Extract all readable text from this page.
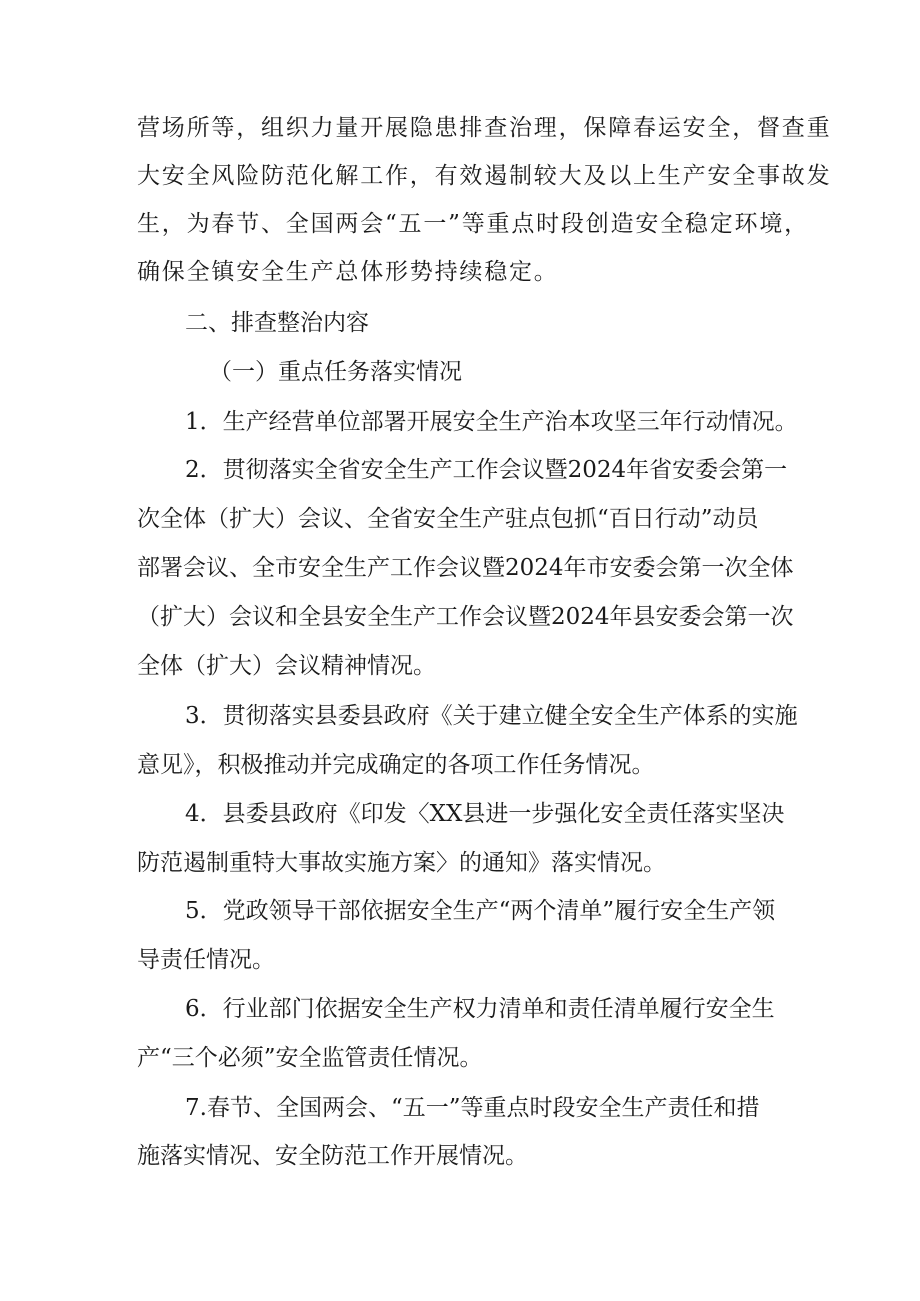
营场所等，组织力量开展隐患排查治理，保障春运安全，督查重
大安全风险防范化解工作，有效遏制较大及以上生产安全事故发
生，为春节、全国两会“五一”等重点时段创造安全稳定环境，
确保全镇安全生产总体形势持续稳定。
二、排查整治内容
（一）重点任务落实情况
1．生产经营单位部署开展安全生产治本攻坚三年行动情况。
2．贯彻落实全省安全生产工作会议暨2024年省安委会第一
次全体（扩大）会议、全省安全生产驻点包抓“百日行动”动员
部署会议、全市安全生产工作会议暨2024年市安委会第一次全体
（扩大）会议和全县安全生产工作会议暨2024年县安委会第一次
全体（扩大）会议精神情况。
3．贯彻落实县委县政府《关于建立健全安全生产体系的实施
意见》，积极推动并完成确定的各项工作任务情况。
4．县委县政府《印发〈XX县进一步强化安全责任落实坚决
防范遏制重特大事故实施方案〉的通知》落实情况。
5．党政领导干部依据安全生产“两个清单”履行安全生产领
导责任情况。
6．行业部门依据安全生产权力清单和责任清单履行安全生
产“三个必须”安全监管责任情况。
7.春节、全国两会、“五一”等重点时段安全生产责任和措
施落实情况、安全防范工作开展情况。
